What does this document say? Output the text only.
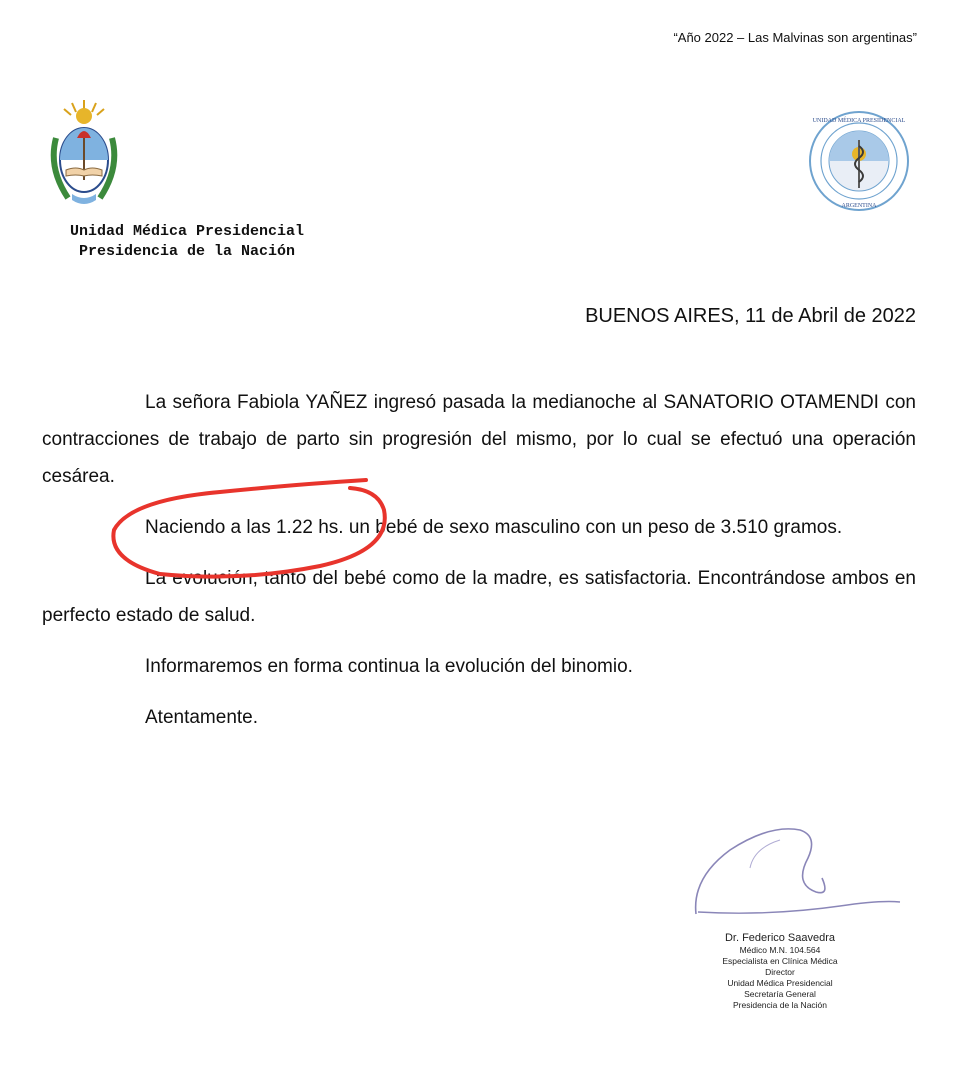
“Año 2022 – Las Malvinas son argentinas”
UNIDAD MÉDICA PRESIDENCIAL
ARGENTINA
Unidad Médica Presidencial
Presidencia de la Nación
BUENOS AIRES, 11 de Abril de 2022

La señora Fabiola YAÑEZ ingresó pasada la medianoche al SANATORIO OTAMENDI con contracciones de trabajo de parto sin progresión del mismo, por lo cual se efectuó una operación cesárea.

Naciendo a las 1.22 hs. un bebé de sexo masculino con un peso de 3.510 gramos.

La evolución, tanto del bebé como de la madre, es satisfactoria. Encontrándose ambos en perfecto estado de salud.

Informaremos en forma continua la evolución del binomio.

Atentamente.

Dr. Federico Saavedra
Médico M.N. 104.564
Especialista en Clínica Médica
Director
Unidad Médica Presidencial
Secretaría General
Presidencia de la Nación
